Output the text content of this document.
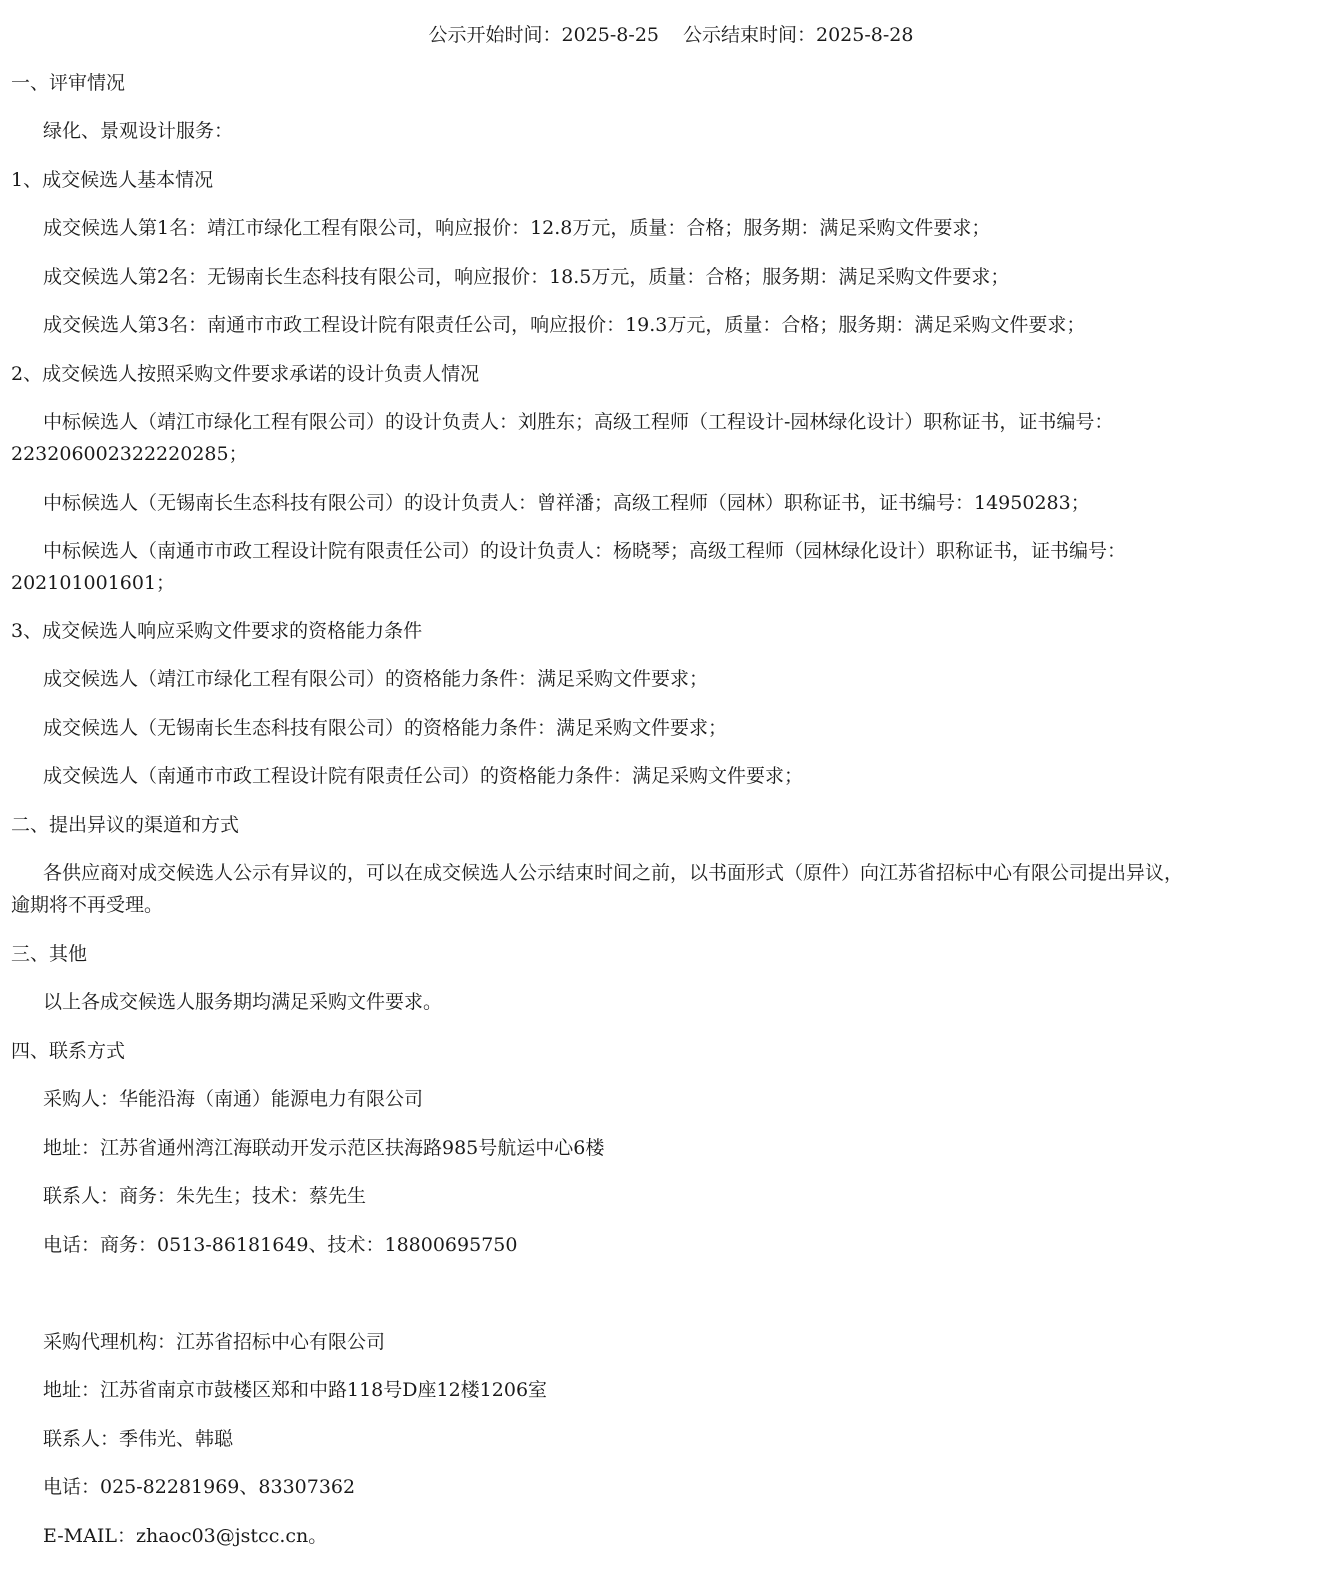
公示开始时间：2025-8-25 公示结束时间：2025-8-28
一、评审情况
绿化、景观设计服务：
1、成交候选人基本情况
成交候选人第1名：靖江市绿化工程有限公司，响应报价：12.8万元，质量：合格；服务期：满足采购文件要求；
成交候选人第2名：无锡南长生态科技有限公司，响应报价：18.5万元，质量：合格；服务期：满足采购文件要求；
成交候选人第3名：南通市市政工程设计院有限责任公司，响应报价：19.3万元，质量：合格；服务期：满足采购文件要求；
2、成交候选人按照采购文件要求承诺的设计负责人情况
中标候选人（靖江市绿化工程有限公司）的设计负责人：刘胜东；高级工程师（工程设计-园林绿化设计）职称证书，证书编号：
223206002322220285；
中标候选人（无锡南长生态科技有限公司）的设计负责人：曾祥潘；高级工程师（园林）职称证书，证书编号：14950283；
中标候选人（南通市市政工程设计院有限责任公司）的设计负责人：杨晓琴；高级工程师（园林绿化设计）职称证书，证书编号：
202101001601；
3、成交候选人响应采购文件要求的资格能力条件
成交候选人（靖江市绿化工程有限公司）的资格能力条件：满足采购文件要求；
成交候选人（无锡南长生态科技有限公司）的资格能力条件：满足采购文件要求；
成交候选人（南通市市政工程设计院有限责任公司）的资格能力条件：满足采购文件要求；
二、提出异议的渠道和方式
各供应商对成交候选人公示有异议的，可以在成交候选人公示结束时间之前，以书面形式（原件）向江苏省招标中心有限公司提出异议，
逾期将不再受理。
三、其他
以上各成交候选人服务期均满足采购文件要求。
四、联系方式
采购人：华能沿海（南通）能源电力有限公司
地址：江苏省通州湾江海联动开发示范区扶海路985号航运中心6楼
联系人：商务：朱先生；技术：蔡先生
电话：商务：0513-86181649、技术：18800695750
采购代理机构：江苏省招标中心有限公司
地址：江苏省南京市鼓楼区郑和中路118号D座12楼1206室
联系人：季伟光、韩聪
电话：025-82281969、83307362
E-MAIL：zhaoc03@jstcc.cn。
